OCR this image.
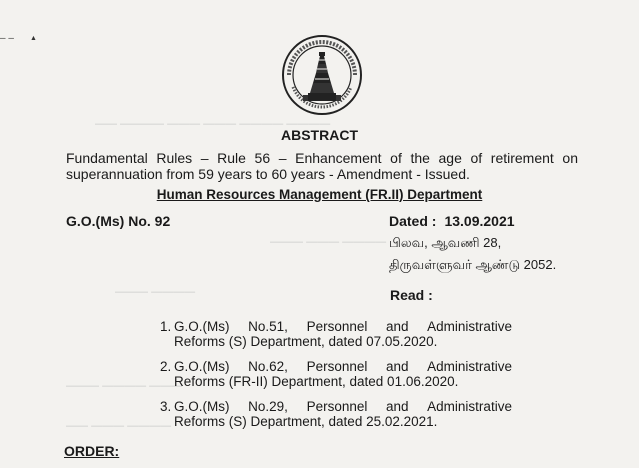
———— ———— ——— ——— ———— ——
———— ——— ———
———— ———
——— ———— ———
———— ——— ——
– – ▲
ABSTRACT
Fundamental Rules – Rule 56 – Enhancement of the age of retirement on superannuation from 59 years to 60 years - Amendment - Issued.
Human Resources Management (FR.II) Department
G.O.(Ms) No. 92	Dated : 13.09.2021
பிலவ, ஆவணி 28,
திருவள்ளுவர் ஆண்டு 2052.
Read :
1. G.O.(Ms) No.51, Personnel and Administrative
Reforms (S) Department, dated 07.05.2020.
2. G.O.(Ms) No.62, Personnel and Administrative
Reforms (FR-II) Department, dated 01.06.2020.
3. G.O.(Ms) No.29, Personnel and Administrative
Reforms (S) Department, dated 25.02.2021.
ORDER:
